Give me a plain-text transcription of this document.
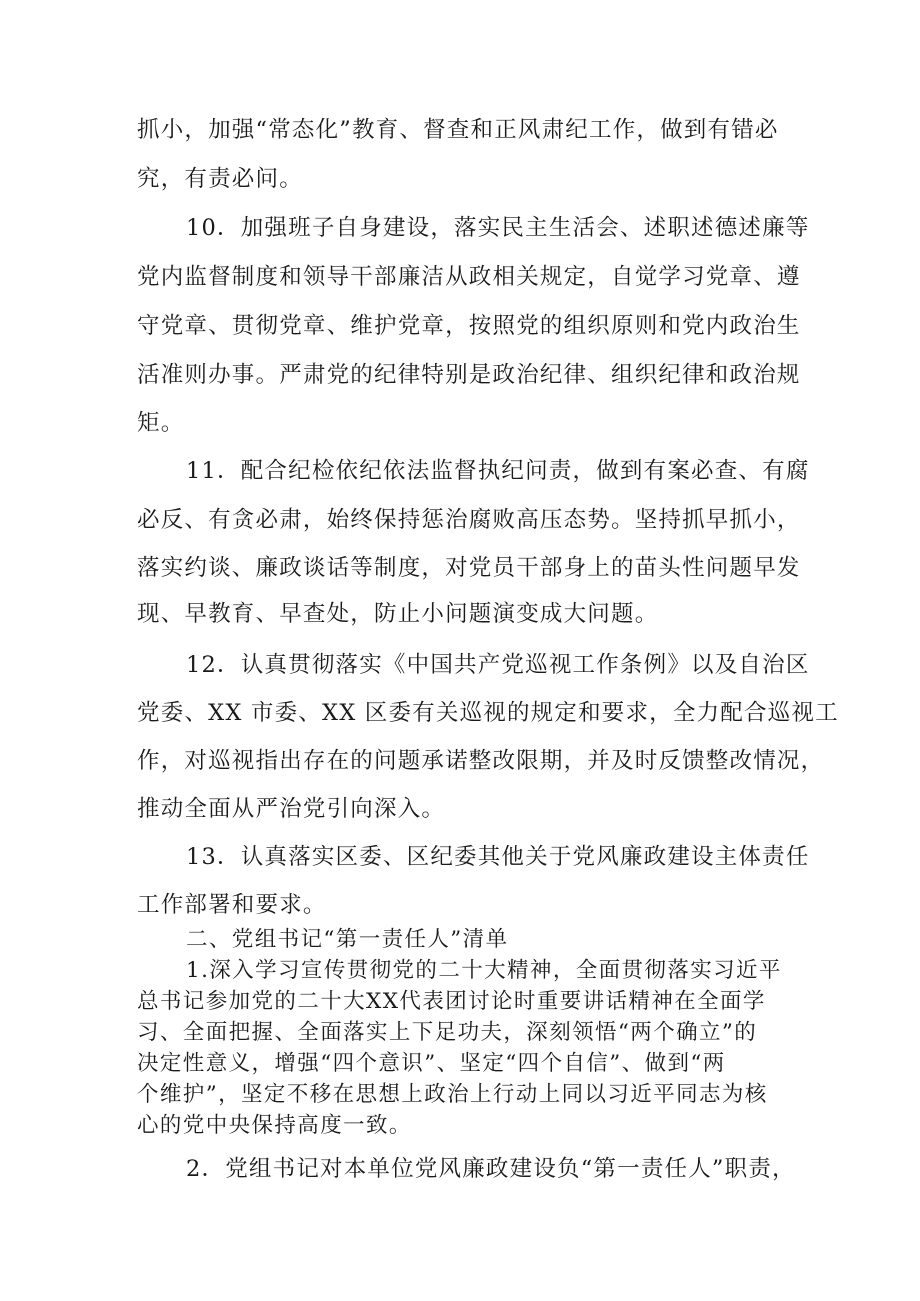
抓小，加强“常态化”教育、督查和正风肃纪工作，做到有错必
究，有责必问。
10．加强班子自身建设，落实民主生活会、述职述德述廉等
党内监督制度和领导干部廉洁从政相关规定，自觉学习党章、遵
守党章、贯彻党章、维护党章，按照党的组织原则和党内政治生
活准则办事。严肃党的纪律特别是政治纪律、组织纪律和政治规
矩。
11．配合纪检依纪依法监督执纪问责，做到有案必查、有腐
必反、有贪必肃，始终保持惩治腐败高压态势。坚持抓早抓小，
落实约谈、廉政谈话等制度，对党员干部身上的苗头性问题早发
现、早教育、早查处，防止小问题演变成大问题。
12．认真贯彻落实《中国共产党巡视工作条例》以及自治区
党委、XX 市委、XX 区委有关巡视的规定和要求，全力配合巡视工
作，对巡视指出存在的问题承诺整改限期，并及时反馈整改情况，
推动全面从严治党引向深入。
13．认真落实区委、区纪委其他关于党风廉政建设主体责任
工作部署和要求。
二、党组书记“第一责任人”清单
1.深入学习宣传贯彻党的二十大精神，全面贯彻落实习近平
总书记参加党的二十大XX代表团讨论时重要讲话精神在全面学
习、全面把握、全面落实上下足功夫，深刻领悟“两个确立”的
决定性意义，增强“四个意识”、坚定“四个自信”、做到“两
个维护”，坚定不移在思想上政治上行动上同以习近平同志为核
心的党中央保持高度一致。
2．党组书记对本单位党风廉政建设负“第一责任人”职责，
